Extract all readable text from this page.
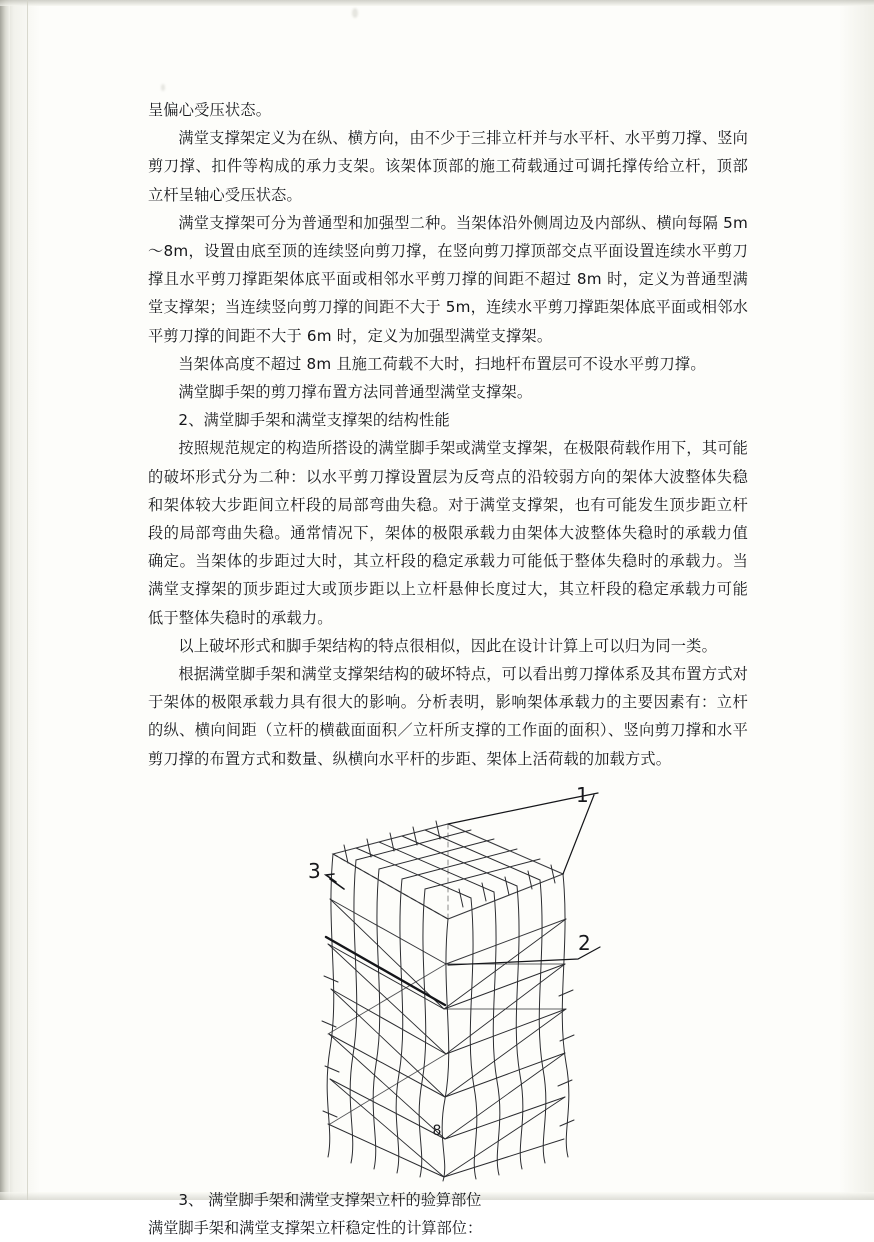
呈偏心受压状态。

满堂支撑架定义为在纵、横方向，由不少于三排立杆并与水平杆、水平剪刀撑、竖向剪刀撑、扣件等构成的承力支架。该架体顶部的施工荷载通过可调托撑传给立杆，顶部立杆呈轴心受压状态。

满堂支撑架可分为普通型和加强型二种。当架体沿外侧周边及内部纵、横向每隔 5m～8m，设置由底至顶的连续竖向剪刀撑，在竖向剪刀撑顶部交点平面设置连续水平剪刀撑且水平剪刀撑距架体底平面或相邻水平剪刀撑的间距不超过 8m 时，定义为普通型满堂支撑架；当连续竖向剪刀撑的间距不大于 5m，连续水平剪刀撑距架体底平面或相邻水平剪刀撑的间距不大于 6m 时，定义为加强型满堂支撑架。

当架体高度不超过 8m 且施工荷载不大时，扫地杆布置层可不设水平剪刀撑。

满堂脚手架的剪刀撑布置方法同普通型满堂支撑架。

2、满堂脚手架和满堂支撑架的结构性能

按照规范规定的构造所搭设的满堂脚手架或满堂支撑架，在极限荷载作用下，其可能的破坏形式分为二种：以水平剪刀撑设置层为反弯点的沿较弱方向的架体大波整体失稳和架体较大步距间立杆段的局部弯曲失稳。对于满堂支撑架，也有可能发生顶步距立杆段的局部弯曲失稳。通常情况下，架体的极限承载力由架体大波整体失稳时的承载力值确定。当架体的步距过大时，其立杆段的稳定承载力可能低于整体失稳时的承载力。当满堂支撑架的顶步距过大或顶步距以上立杆悬伸长度过大，其立杆段的稳定承载力可能低于整体失稳时的承载力。

以上破坏形式和脚手架结构的特点很相似，因此在设计计算上可以归为同一类。

根据满堂脚手架和满堂支撑架结构的破坏特点，可以看出剪刀撑体系及其布置方式对于架体的极限承载力具有很大的影响。分析表明，影响架体承载力的主要因素有：立杆的纵、横向间距（立杆的横截面面积／立杆所支撑的工作面的面积）、竖向剪刀撑和水平剪刀撑的布置方式和数量、纵横向水平杆的步距、架体上活荷载的加载方式。

1
2
3

3、 满堂脚手架和满堂支撑架立杆的验算部位

满堂脚手架和满堂支撑架立杆稳定性的计算部位：

8
